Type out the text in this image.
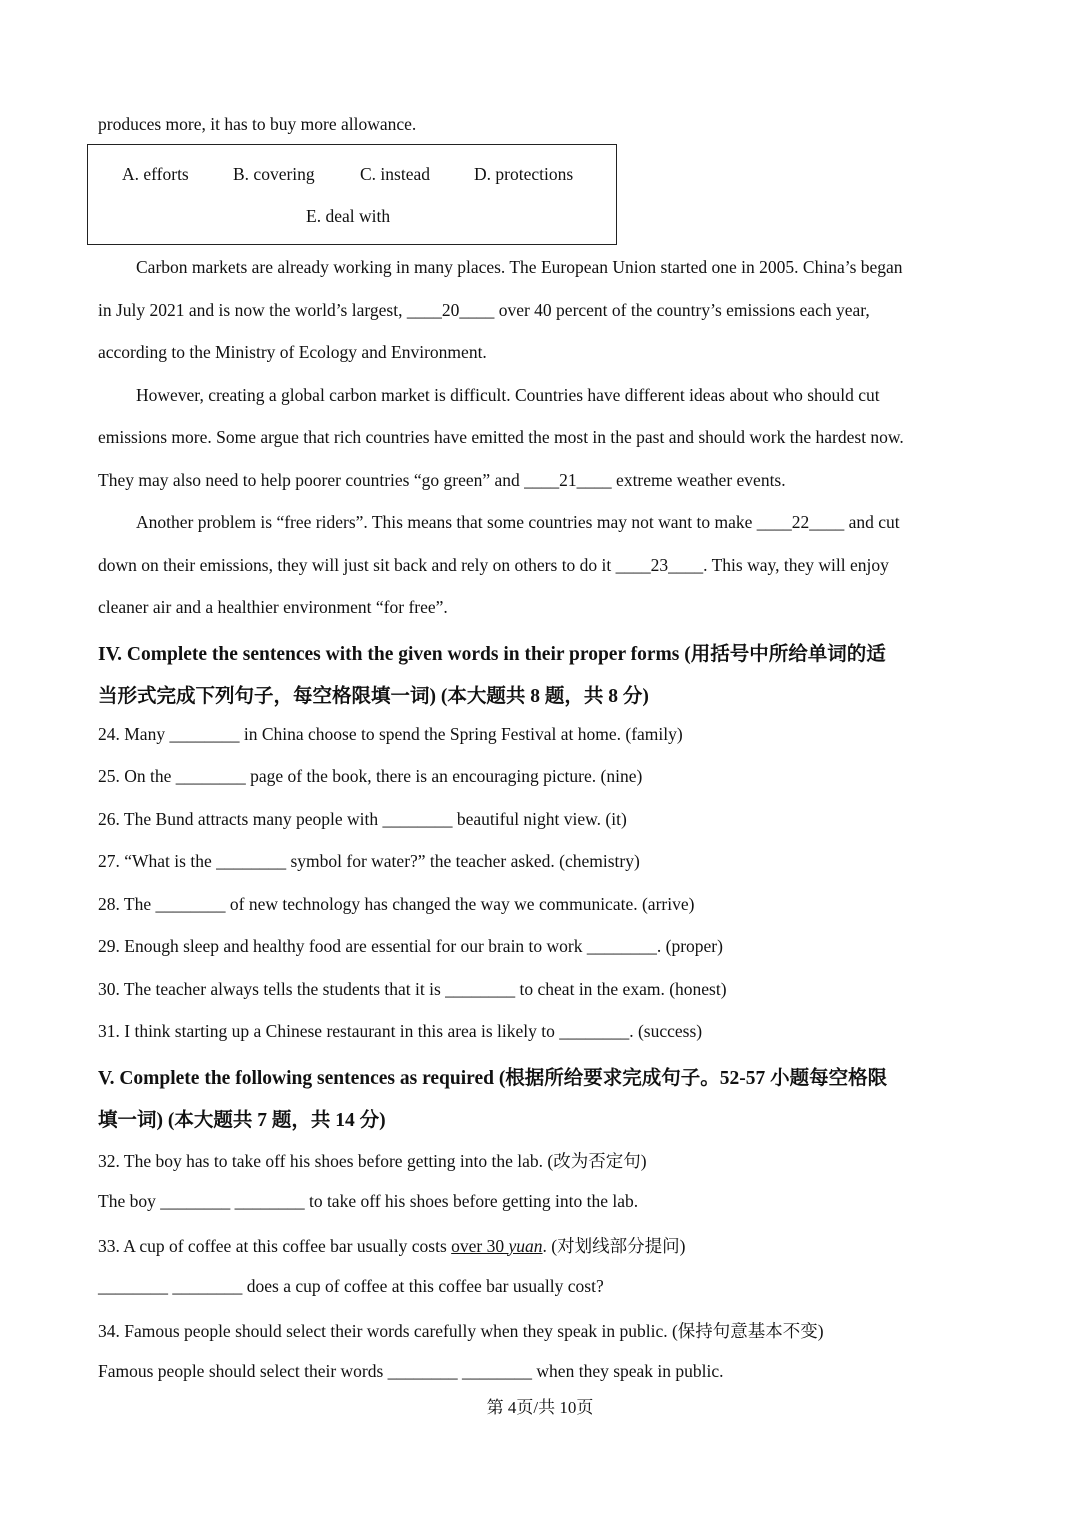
produces more, it has to buy more allowance.
A. efforts	B. covering	C. instead	D. protections
E. deal with
Carbon markets are already working in many places. The European Union started one in 2005. China’s began
in July 2021 and is now the world’s largest, ____20____ over 40 percent of the country’s emissions each year,
according to the Ministry of Ecology and Environment.
However, creating a global carbon market is difficult. Countries have different ideas about who should cut
emissions more. Some argue that rich countries have emitted the most in the past and should work the hardest now.
They may also need to help poorer countries “go green” and ____21____ extreme weather events.
Another problem is “free riders”. This means that some countries may not want to make ____22____ and cut
down on their emissions, they will just sit back and rely on others to do it ____23____. This way, they will enjoy
cleaner air and a healthier environment “for free”.
IV. Complete the sentences with the given words in their proper forms (用括号中所给单词的适
当形式完成下列句子，每空格限填一词) (本大题共 8 题，共 8 分)
24. Many ________ in China choose to spend the Spring Festival at home. (family)
25. On the ________ page of the book, there is an encouraging picture. (nine)
26. The Bund attracts many people with ________ beautiful night view. (it)
27. “What is the ________ symbol for water?” the teacher asked. (chemistry)
28. The ________ of new technology has changed the way we communicate. (arrive)
29. Enough sleep and healthy food are essential for our brain to work ________. (proper)
30. The teacher always tells the students that it is ________ to cheat in the exam. (honest)
31. I think starting up a Chinese restaurant in this area is likely to ________. (success)
V. Complete the following sentences as required (根据所给要求完成句子。52-57 小题每空格限
填一词) (本大题共 7 题，共 14 分)
32. The boy has to take off his shoes before getting into the lab. (改为否定句)
The boy ________ ________ to take off his shoes before getting into the lab.
33. A cup of coffee at this coffee bar usually costs over 30 yuan. (对划线部分提问)
________ ________ does a cup of coffee at this coffee bar usually cost?
34. Famous people should select their words carefully when they speak in public. (保持句意基本不变)
Famous people should select their words ________ ________ when they speak in public.
第 4页/共 10页
